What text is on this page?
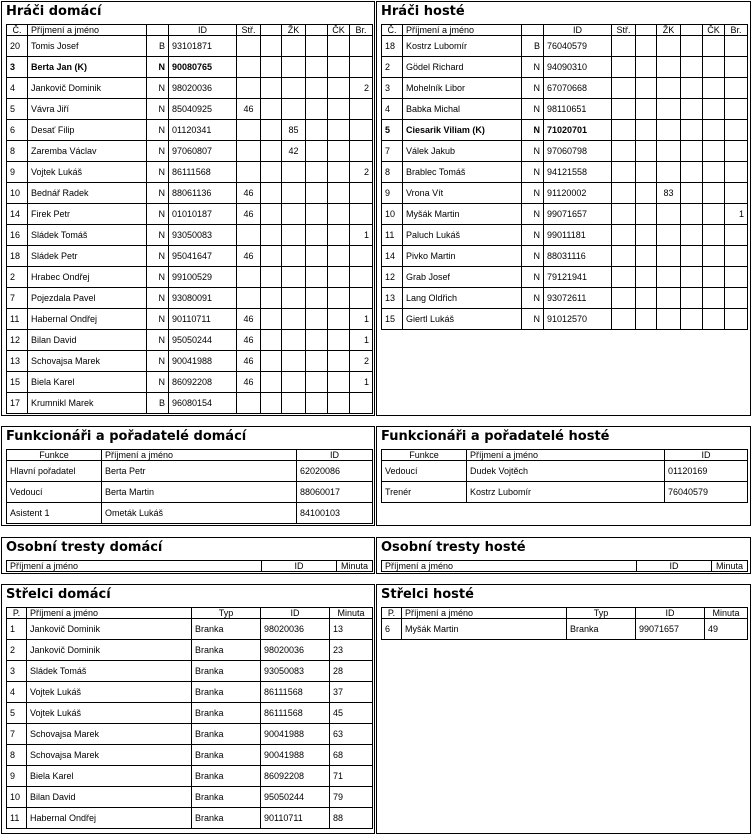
Hráči domácí
Č.	Příjmení a jméno		ID	Stř.		ŽK		ČK	Br.
20	Tomis Josef	B	93101871						
3	Berta Jan (K)	N	90080765						
4	Jankovič Dominik	N	98020036						2
5	Vávra Jiří	N	85040925	46					
6	Desať Filip	N	01120341			85			
8	Zaremba Václav	N	97060807			42			
9	Vojtek Lukáš	N	86111568						2
10	Bednář Radek	N	88061136	46					
14	Firek Petr	N	01010187	46					
16	Sládek Tomáš	N	93050083						1
18	Sládek Petr	N	95041647	46					
2	Hrabec Ondřej	N	99100529						
7	Pojezdala Pavel	N	93080091						
11	Habernal Ondřej	N	90110711	46					1
12	Bilan David	N	95050244	46					1
13	Schovajsa Marek	N	90041988	46					2
15	Biela Karel	N	86092208	46					1
17	Krumnikl Marek	B	96080154						
Hráči hosté
Č.	Příjmení a jméno		ID	Stř.		ŽK		ČK	Br.
18	Kostrz Lubomír	B	76040579						
2	Gödel Richard	N	94090310						
3	Mohelník Libor	N	67070668						
4	Babka Michal	N	98110651						
5	Ciesarik Viliam (K)	N	71020701						
7	Válek Jakub	N	97060798						
8	Brablec Tomáš	N	94121558						
9	Vrona Vít	N	91120002			83			
10	Myšák Martin	N	99071657						1
11	Paluch Lukáš	N	99011181						
14	Pivko Martin	N	88031116						
12	Grab Josef	N	79121941						
13	Lang Oldřich	N	93072611						
15	Giertl Lukáš	N	91012570						
Funkcionáři a pořadatelé domácí
Funkce	Příjmení a jméno	ID
Hlavní pořadatel	Berta Petr	62020086
Vedoucí	Berta Martin	88060017
Asistent 1	Ometák Lukáš	84100103
Funkcionáři a pořadatelé hosté
Funkce	Příjmení a jméno	ID
Vedoucí	Dudek Vojtěch	01120169
Trenér	Kostrz Lubomír	76040579
Osobní tresty domácí
Příjmení a jméno	ID	Minuta
Osobní tresty hosté
Příjmení a jméno	ID	Minuta
Střelci domácí
P.	Příjmení a jméno	Typ	ID	Minuta
1	Jankovič Dominik	Branka	98020036	13
2	Jankovič Dominik	Branka	98020036	23
3	Sládek Tomáš	Branka	93050083	28
4	Vojtek Lukáš	Branka	86111568	37
5	Vojtek Lukáš	Branka	86111568	45
7	Schovajsa Marek	Branka	90041988	63
8	Schovajsa Marek	Branka	90041988	68
9	Biela Karel	Branka	86092208	71
10	Bilan David	Branka	95050244	79
11	Habernal Ondřej	Branka	90110711	88
Střelci hosté
P.	Příjmení a jméno	Typ	ID	Minuta
6	Myšák Martin	Branka	99071657	49
